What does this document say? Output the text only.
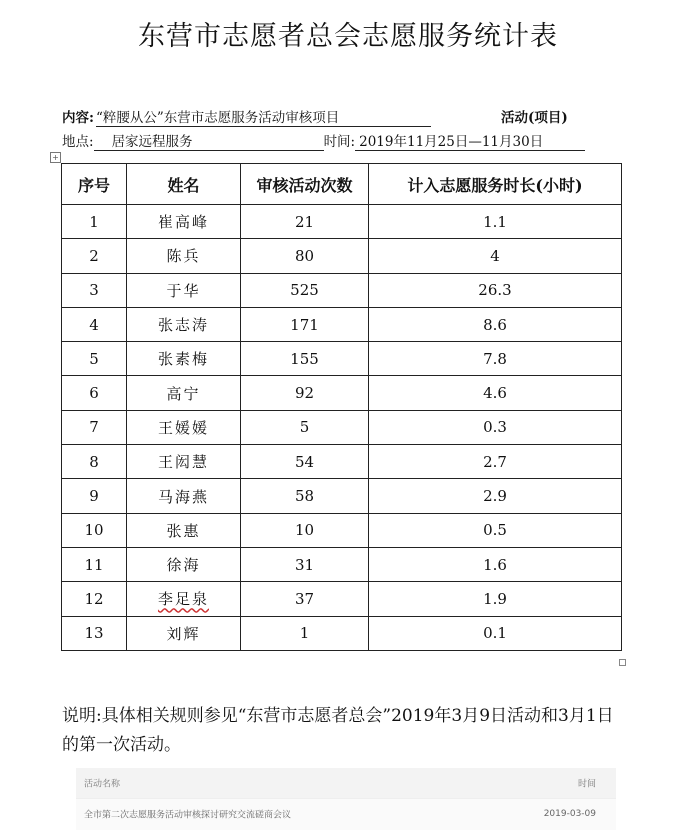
东营市志愿者总会志愿服务统计表
内容: “粹腰从公”东营市志愿服务活动审核项目	活动(项目)
地点: 居家远程服务	时间: 2019年11月25日—11月30日
+
序号	姓名	审核活动次数	计入志愿服务时长(小时)
1	崔高峰	21	1.1
2	陈兵	80	4
3	于华	525	26.3
4	张志涛	171	8.6
5	张素梅	155	7.8
6	高宁	92	4.6
7	王媛媛	5	0.3
8	王闳慧	54	2.7
9	马海燕	58	2.9
10	张惠	10	0.5
11	徐海	31	1.6
12	李足泉	37	1.9
13	刘辉	1	0.1
说明:具体相关规则参见“东营市志愿者总会”2019年3月9日活动和3月1日的第一次活动。
活动名称	时间
全市第二次志愿服务活动审核探讨研究交流磋商会议	2019-03-09
